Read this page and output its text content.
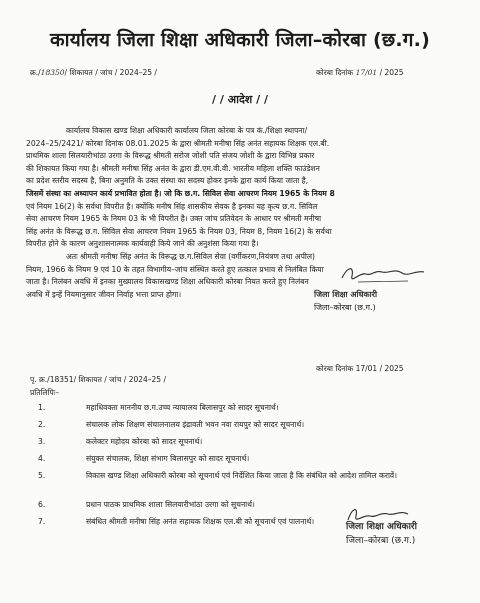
कार्यालय जिला शिक्षा अधिकारी जिला–कोरबा (छ.ग.)
क्र./18350/ शिकायत / जांच / 2024–25 /	कोरबा दिनांक 17/01 / 2025
/ / आदेश / /
कार्यालय विकास खण्ड शिक्षा अधिकारी कार्यालय जिला कोरबा के पत्र कं./शिक्षा स्थापना/
2024–25/2421/ कोरबा दिनांक 08.01.2025 के द्वारा श्रीमती मनीषा सिंह अनंत सहायक शिक्षक एल.बी.
प्राथमिक शाला सिलयारीभांठा उरगा के विरूद्ध श्रीमती सरोज जोशी पति संजय जोशी के द्वारा विभिन्न प्रकार
की शिकायत किया गया है। श्रीमती मनीषा सिंह अनंत के द्वारा डी.एम.वी.वी. भारतीय महिला शक्ति फाउंडेशन
का प्रदेश स्तरीय सदस्य है, बिना अनुमति के उक्त संस्था का सदस्य होकर इनके द्वारा कार्य किया जाता है,
जिसमें संस्था का अध्यापन कार्य प्रभावित होता है। जो कि छ.ग. सिविल सेवा आचरण नियम 1965 के नियम 8
एवं नियम 16(2) के सर्वथा विपरीत है। क्योंकि मनीष सिंह शासकीय सेवक है इनका यह कृत्य छ.ग. सिविल
सेवा आचरण नियम 1965 के नियम 03 के भी विपरीत है। उक्त जांच प्रतिवेदन के आधार पर श्रीमती मनीषा
सिंह अनंत के विरूद्ध छ.ग. सिविल सेवा आचरण नियम 1965 के नियम 03, नियम 8, नियम 16(2) के सर्वथा
विपरीत होने के कारण अनुशासनात्मक कार्यवाही किये जाने की अनुशंसा किया गया है।
अतः श्रीमती मनीषा सिंह अनंत के विरूद्ध छ.ग.सिविल सेवा (वर्गीकरण,नियंत्रण तथा अपील)
नियम, 1966 के नियम 9 एवं 10 के तहत विभागीय–जांच संस्थित करते हुए तत्काल प्रभाव से निलंबित किया
जाता है। निलंबन अवधि में इनका मुख्यालय विकासखण्ड शिक्षा अधिकारी कोरबा नियत करते हुए निलंबन
अवधि में इन्हें नियमानुसार जीवन निर्वाह भत्ता प्राप्त होगा।	जिला शिक्षा अधिकारी
जिला–कोरबा (छ.ग.)
कोरबा दिनांक 17/01 / 2025
पृ. क्र./18351/ शिकायत / जांच / 2024–25 /
प्रतिलिपिः–
1.	महाधिवक्ता माननीय छ.ग.उच्च न्यायालय बिलासपुर को सादर सूचनार्थ।
2.	संचालक लोक शिक्षण संचालनालय इंद्रावती भवन नवा रायपुर को सादर सूचनार्थ।
3.	कलेक्टर महोदय कोरबा को सादर सूचनार्थ।
4.	संयुक्त संचालक, शिक्षा संभाग बिलासपुर को सादर सूचनार्थ।
5.	विकास खण्ड शिक्षा अधिकारी कोरबा को सूचनार्थ एवं निर्देशित किया जाता है कि संबंधित को आदेश तामिल करावें।
6.	प्रधान पाठक प्राथमिक शाला सिलयारीभांठा उरगा को सूचनार्थ।
7.	संबंधित श्रीमती मनीषा सिंह अनंत सहायक शिक्षक एल.बी को सूचनार्थ एवं पालनार्थ।
जिला शिक्षा अधिकारी
जिला–कोरबा (छ.ग.)
